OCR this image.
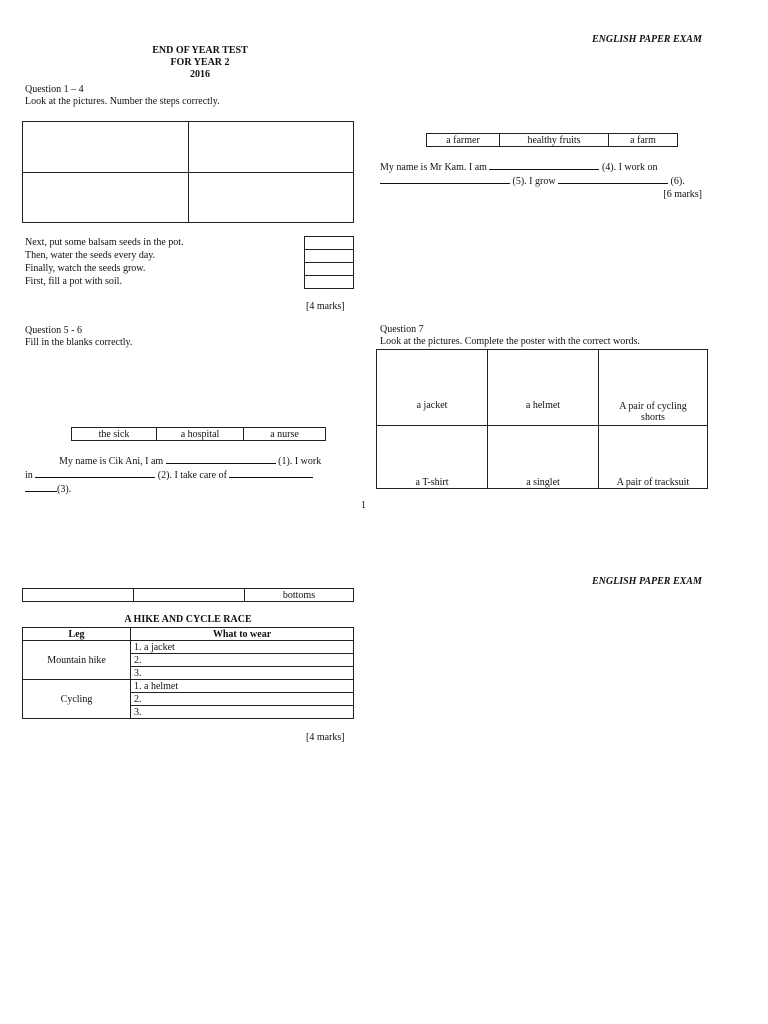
ENGLISH PAPER EXAM
END OF YEAR TEST
FOR YEAR 2
2016
Question 1 – 4
Look at the pictures. Number the steps correctly.

Next, put some balsam seeds in the pot.
Then, water the seeds every day.
Finally, watch the seeds grow.
First, fill a pot with soil.

[4 marks]
a farmer	healthy fruits	a farm
My name is Mr Kam. I am	(4). I work on
(5). I grow	(6).
[6 marks]
Question 5 - 6
Fill in the blanks correctly.
the sick	a hospital	a nurse
My name is Cik Ani, I am	(1). I work
in	(2). I take care of
(3).
Question 7
Look at the pictures. Complete the poster with the correct words.
a jacket	a helmet	A pair of cycling shorts
a T-shirt	a singlet	A pair of tracksuit
1
ENGLISH PAPER EXAM
		bottoms
A HIKE AND CYCLE RACE
Leg	What to wear
Mountain hike	1. a jacket
	2.
	3.
Cycling	1. a helmet
	2.
	3.
[4 marks]
